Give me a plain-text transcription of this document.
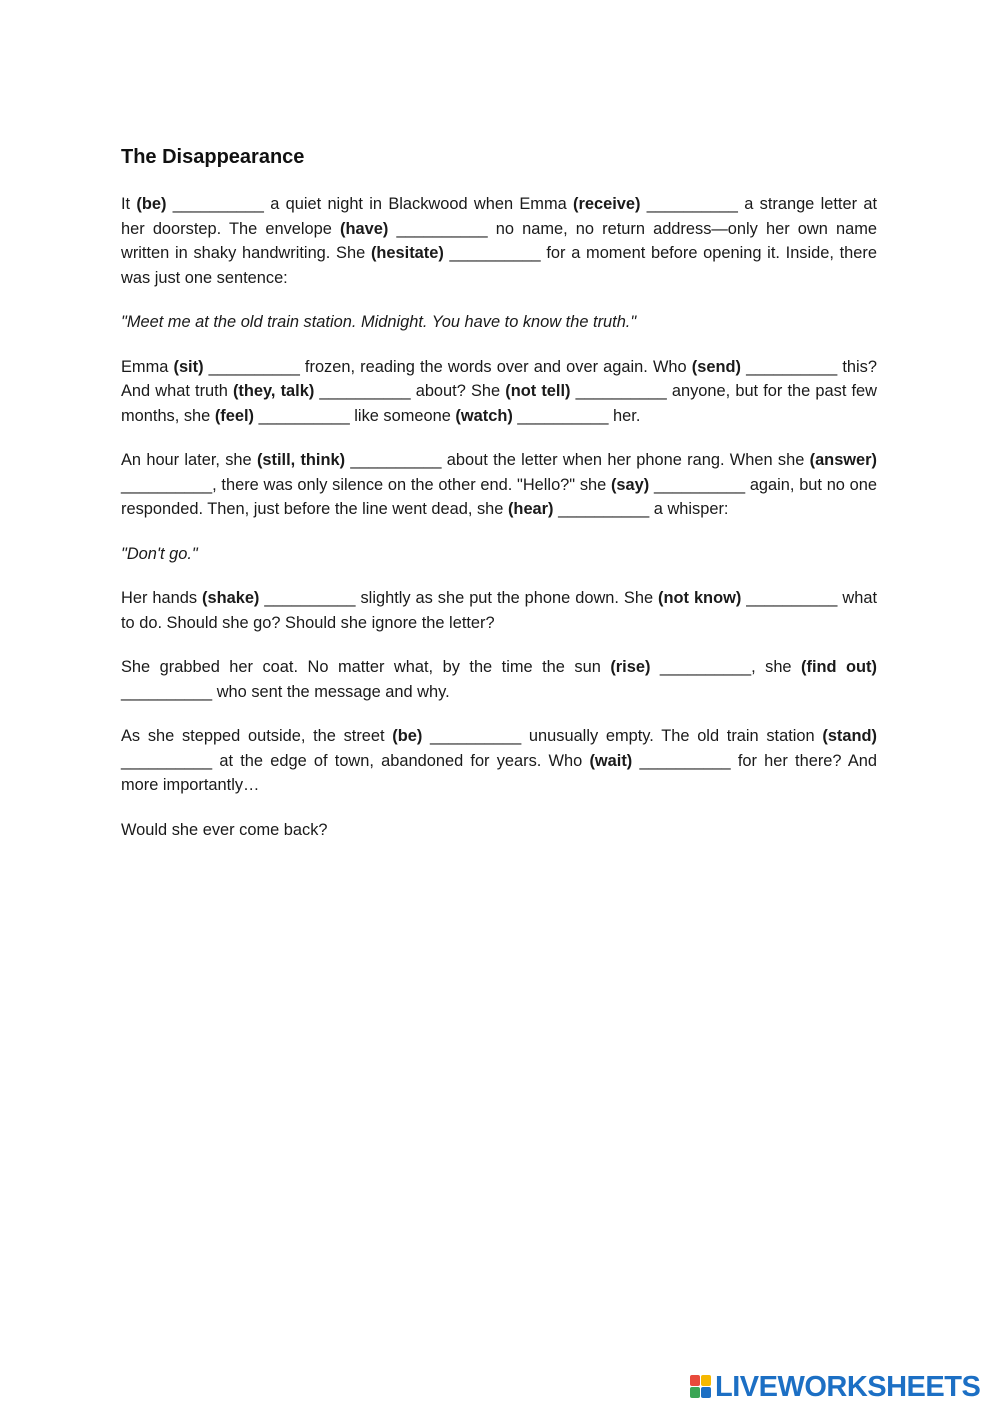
The Disappearance

It (be) __________ a quiet night in Blackwood when Emma (receive) __________ a strange letter at her doorstep. The envelope (have) __________ no name, no return address—only her own name written in shaky handwriting. She (hesitate) __________ for a moment before opening it. Inside, there was just one sentence:

"Meet me at the old train station. Midnight. You have to know the truth."

Emma (sit) __________ frozen, reading the words over and over again. Who (send) __________ this? And what truth (they, talk) __________ about? She (not tell) __________ anyone, but for the past few months, she (feel) __________ like someone (watch) __________ her.

An hour later, she (still, think) __________ about the letter when her phone rang. When she (answer) __________, there was only silence on the other end. "Hello?" she (say) __________ again, but no one responded. Then, just before the line went dead, she (hear) __________ a whisper:

"Don't go."

Her hands (shake) __________ slightly as she put the phone down. She (not know) __________ what to do. Should she go? Should she ignore the letter?

She grabbed her coat. No matter what, by the time the sun (rise) __________, she (find out) __________ who sent the message and why.

As she stepped outside, the street (be) __________ unusually empty. The old train station (stand) __________ at the edge of town, abandoned for years. Who (wait) __________ for her there? And more importantly…

Would she ever come back?

LIVEWORKSHEETS
